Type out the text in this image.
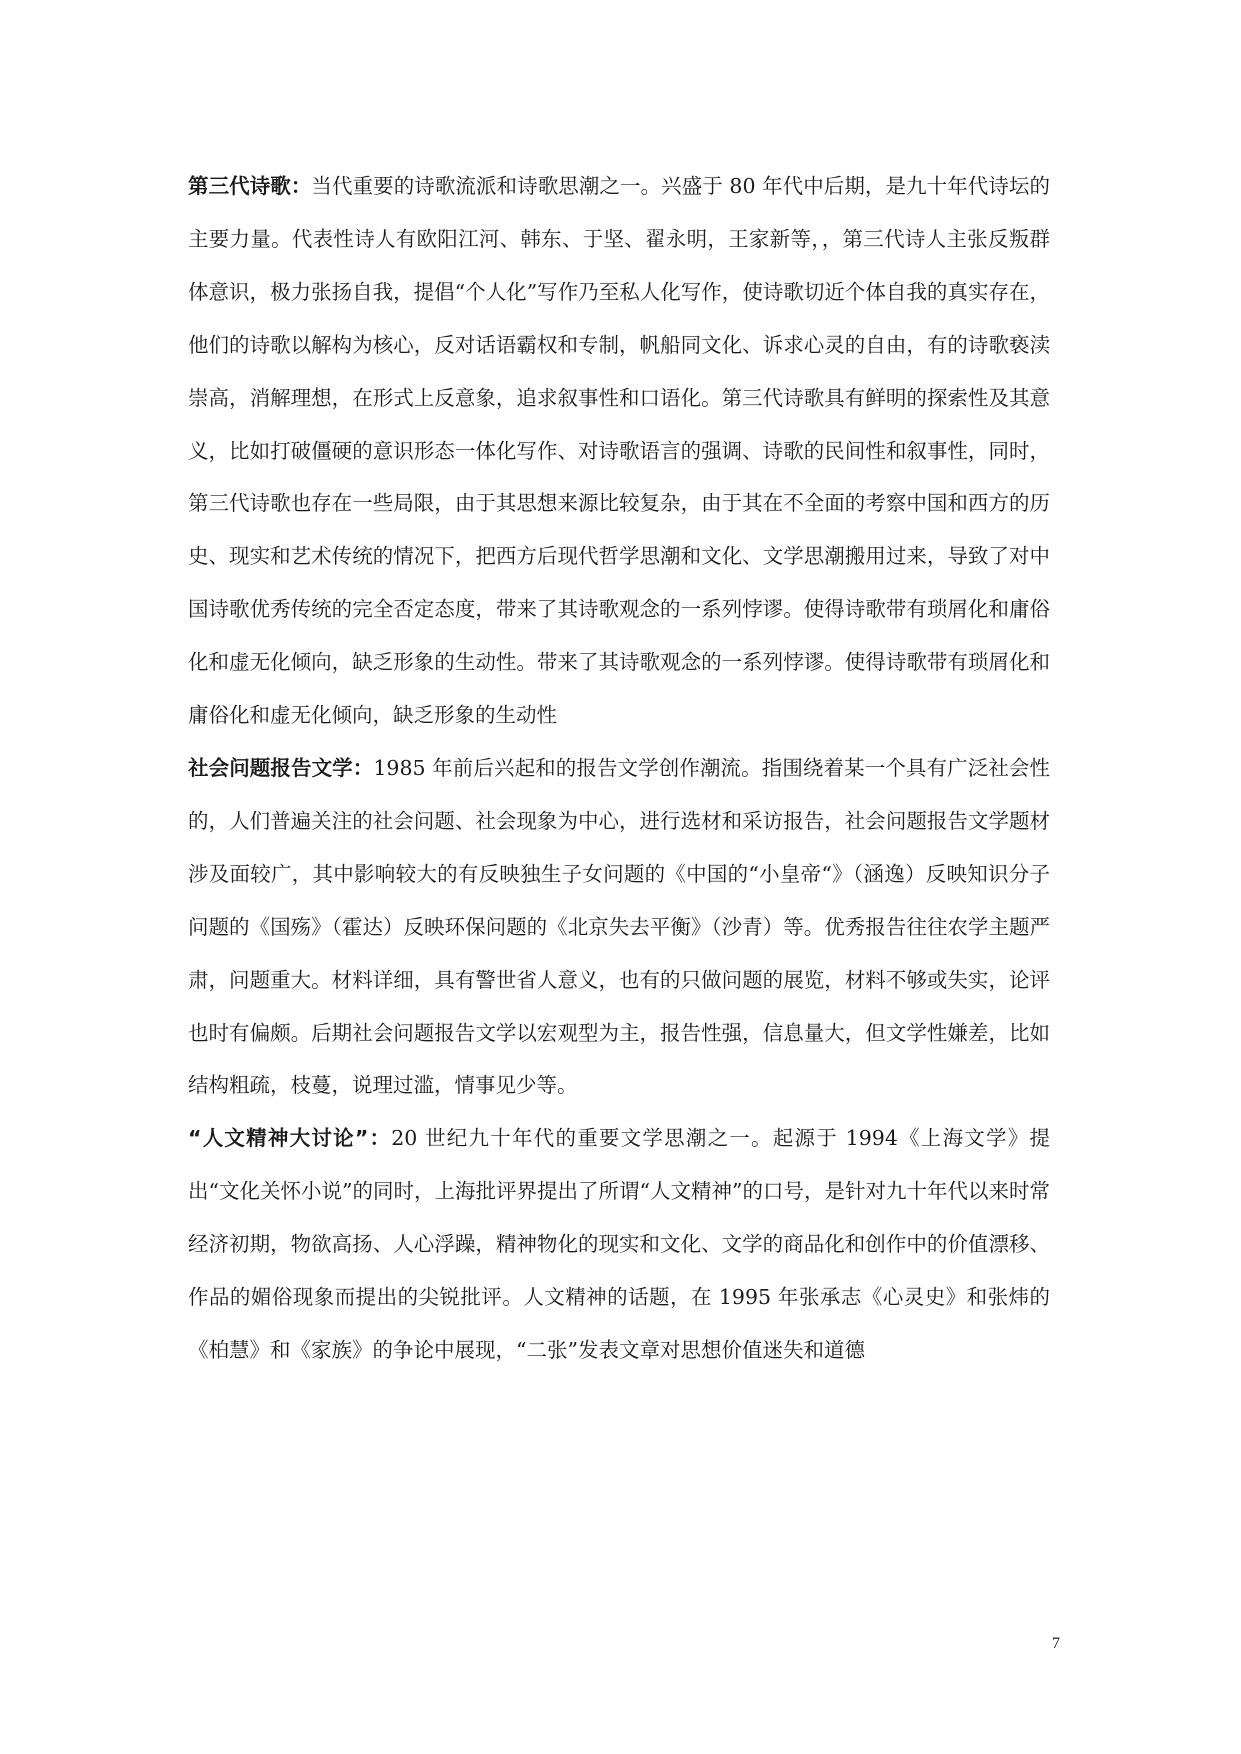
第三代诗歌：当代重要的诗歌流派和诗歌思潮之一。兴盛于 80 年代中后期，是九十年代诗坛的主要力量。代表性诗人有欧阳江河、韩东、于坚、翟永明，王家新等，，第三代诗人主张反叛群体意识，极力张扬自我，提倡“个人化”写作乃至私人化写作，使诗歌切近个体自我的真实存在，他们的诗歌以解构为核心，反对话语霸权和专制，帆船同文化、诉求心灵的自由，有的诗歌亵渎崇高，消解理想，在形式上反意象，追求叙事性和口语化。第三代诗歌具有鲜明的探索性及其意义，比如打破僵硬的意识形态一体化写作、对诗歌语言的强调、诗歌的民间性和叙事性，同时，第三代诗歌也存在一些局限，由于其思想来源比较复杂，由于其在不全面的考察中国和西方的历史、现实和艺术传统的情况下，把西方后现代哲学思潮和文化、文学思潮搬用过来，导致了对中国诗歌优秀传统的完全否定态度，带来了其诗歌观念的一系列悖谬。使得诗歌带有琐屑化和庸俗化和虚无化倾向，缺乏形象的生动性。带来了其诗歌观念的一系列悖谬。使得诗歌带有琐屑化和庸俗化和虚无化倾向，缺乏形象的生动性

社会问题报告文学：1985 年前后兴起和的报告文学创作潮流。指围绕着某一个具有广泛社会性的，人们普遍关注的社会问题、社会现象为中心，进行选材和采访报告，社会问题报告文学题材涉及面较广，其中影响较大的有反映独生子女问题的《中国的“小皇帝“》（涵逸）反映知识分子问题的《国殇》（霍达）反映环保问题的《北京失去平衡》（沙青）等。优秀报告往往农学主题严肃，问题重大。材料详细，具有警世省人意义，也有的只做问题的展览，材料不够或失实，论评也时有偏颇。后期社会问题报告文学以宏观型为主，报告性强，信息量大，但文学性嫌差，比如结构粗疏，枝蔓，说理过滥，情事见少等。

“人文精神大讨论”：20 世纪九十年代的重要文学思潮之一。起源于 1994《上海文学》提出“文化关怀小说”的同时，上海批评界提出了所谓“人文精神”的口号，是针对九十年代以来时常经济初期，物欲高扬、人心浮躁，精神物化的现实和文化、文学的商品化和创作中的价值漂移、作品的媚俗现象而提出的尖锐批评。人文精神的话题，在 1995 年张承志《心灵史》和张炜的《柏慧》和《家族》的争论中展现，“二张”发表文章对思想价值迷失和道德

7
